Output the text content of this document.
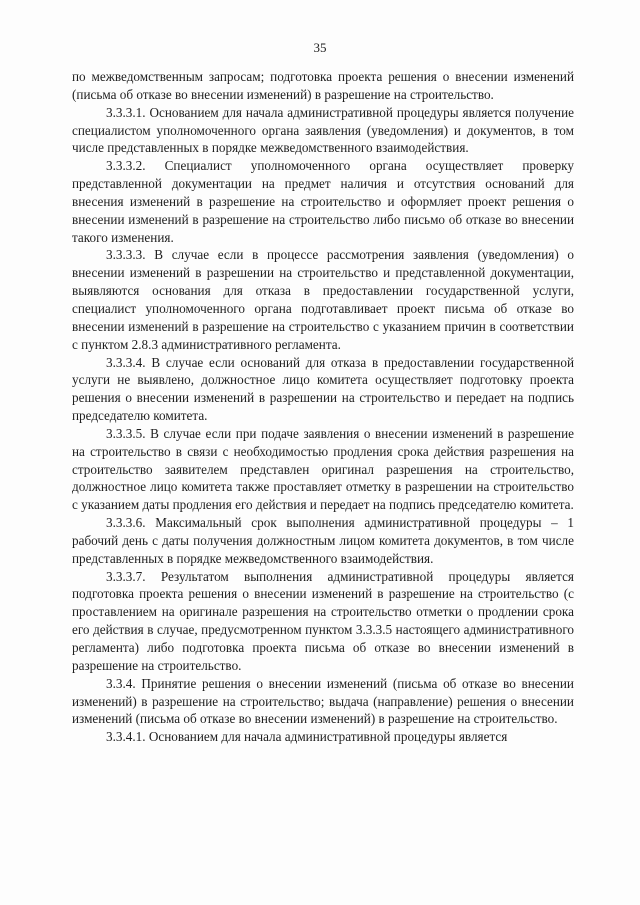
35

по межведомственным запросам; подготовка проекта решения о внесении изменений (письма об отказе во внесении изменений) в разрешение на строительство.

3.3.3.1. Основанием для начала административной процедуры является получение специалистом уполномоченного органа заявления (уведомления) и документов, в том числе представленных в порядке межведомственного взаимодействия.

3.3.3.2. Специалист уполномоченного органа осуществляет проверку представленной документации на предмет наличия и отсутствия оснований для внесения изменений в разрешение на строительство и оформляет проект решения о внесении изменений в разрешение на строительство либо письмо об отказе во внесении такого изменения.

3.3.3.3. В случае если в процессе рассмотрения заявления (уведомления) о внесении изменений в разрешении на строительство и представленной документации, выявляются основания для отказа в предоставлении государственной услуги, специалист уполномоченного органа подготавливает проект письма об отказе во внесении изменений в разрешение на строительство с указанием причин в соответствии с пунктом 2.8.3 административного регламента.

3.3.3.4. В случае если оснований для отказа в предоставлении государственной услуги не выявлено, должностное лицо комитета осуществляет подготовку проекта решения о внесении изменений в разрешении на строительство и передает на подпись председателю комитета.

3.3.3.5. В случае если при подаче заявления о внесении изменений в разрешение на строительство в связи с необходимостью продления срока действия разрешения на строительство заявителем представлен оригинал разрешения на строительство, должностное лицо комитета также проставляет отметку в разрешении на строительство с указанием даты продления его действия и передает на подпись председателю комитета.

3.3.3.6. Максимальный срок выполнения административной процедуры – 1 рабочий день с даты получения должностным лицом комитета документов, в том числе представленных в порядке межведомственного взаимодействия.

3.3.3.7. Результатом выполнения административной процедуры является подготовка проекта решения о внесении изменений в разрешение на строительство (с проставлением на оригинале разрешения на строительство отметки о продлении срока его действия в случае, предусмотренном пунктом 3.3.3.5 настоящего административного регламента) либо подготовка проекта письма об отказе во внесении изменений в разрешение на строительство.

3.3.4. Принятие решения о внесении изменений (письма об отказе во внесении изменений) в разрешение на строительство; выдача (направление) решения о внесении изменений (письма об отказе во внесении изменений) в разрешение на строительство.

3.3.4.1. Основанием для начала административной процедуры является
